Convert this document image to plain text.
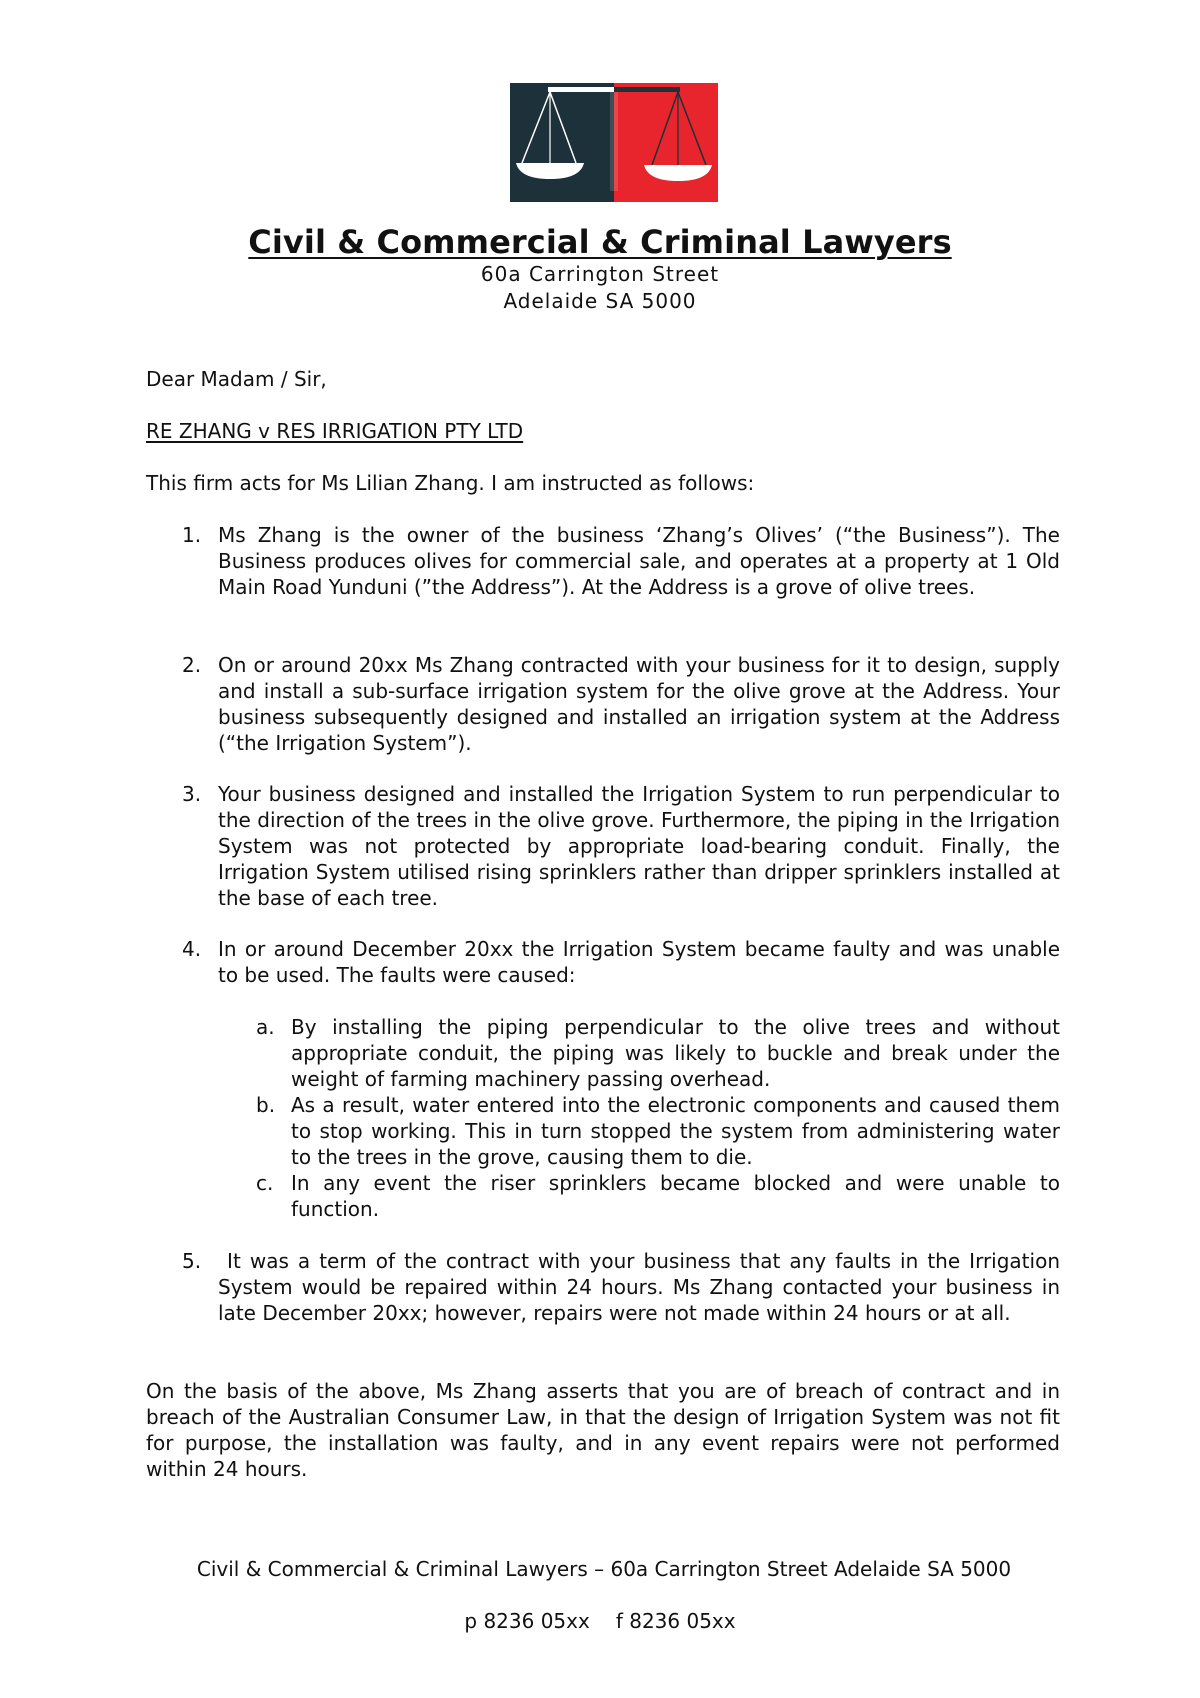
Civil & Commercial & Criminal Lawyers
60a Carrington Street
Adelaide SA 5000
Dear Madam / Sir,
RE ZHANG v RES IRRIGATION PTY LTD
This firm acts for Ms Lilian Zhang. I am instructed as follows:
1. Ms Zhang is the owner of the business ‘Zhang’s Olives’ (“the Business”). The Business produces olives for commercial sale, and operates at a property at 1 Old Main Road Yunduni (”the Address”). At the Address is a grove of olive trees.
2. On or around 20xx Ms Zhang contracted with your business for it to design, supply and install a sub-surface irrigation system for the olive grove at the Address. Your business subsequently designed and installed an irrigation system at the Address (“the Irrigation System”).
3. Your business designed and installed the Irrigation System to run perpendicular to the direction of the trees in the olive grove. Furthermore, the piping in the Irrigation System was not protected by appropriate load-bearing conduit. Finally, the Irrigation System utilised rising sprinklers rather than dripper sprinklers installed at the base of each tree.
4. In or around December 20xx the Irrigation System became faulty and was unable to be used. The faults were caused:
a. By installing the piping perpendicular to the olive trees and without appropriate conduit, the piping was likely to buckle and break under the weight of farming machinery passing overhead.
b. As a result, water entered into the electronic components and caused them to stop working. This in turn stopped the system from administering water to the trees in the grove, causing them to die.
c. In any event the riser sprinklers became blocked and were unable to function.
5. It was a term of the contract with your business that any faults in the Irrigation System would be repaired within 24 hours. Ms Zhang contacted your business in late December 20xx; however, repairs were not made within 24 hours or at all.
On the basis of the above, Ms Zhang asserts that you are of breach of contract and in breach of the Australian Consumer Law, in that the design of Irrigation System was not fit for purpose, the installation was faulty, and in any event repairs were not performed within 24 hours.
Civil & Commercial & Criminal Lawyers – 60a Carrington Street Adelaide SA 5000
p 8236 05xx f 8236 05xx
